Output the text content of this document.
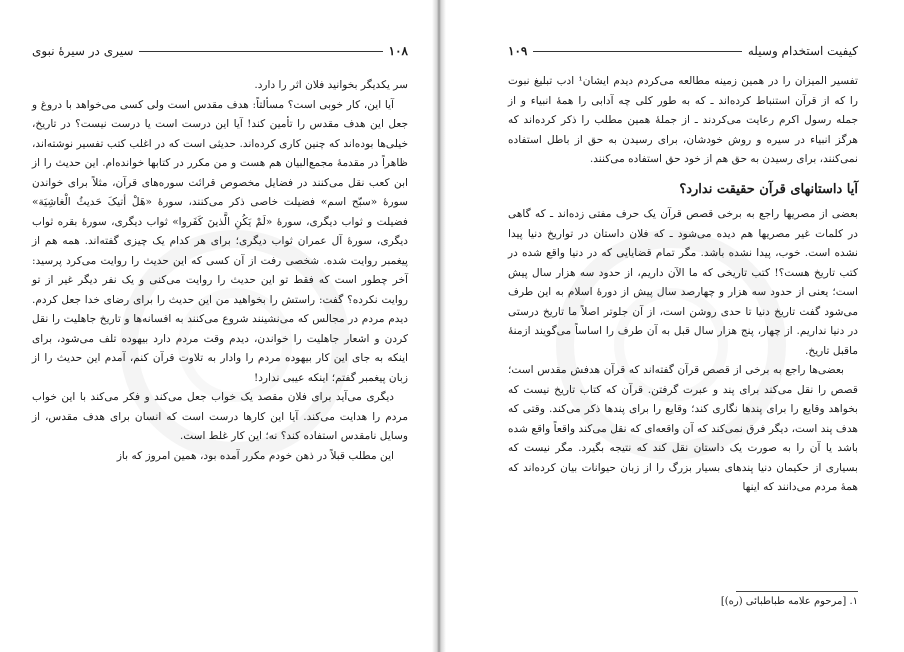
۱۰۸
سیری در سیرهٔ نبوی

سر یکدیگر بخوانید فلان اثر را دارد.

آیا این، کار خوبی است؟ مسألتاً: هدف مقدس است ولی کسی می‌خواهد با دروغ و جعل این هدف مقدس را تأمین کند! آیا این درست است یا درست نیست؟ در تاریخ، خیلی‌ها بوده‌اند که چنین کاری کرده‌اند. حدیثی است که در اغلب کتب تفسیر نوشته‌اند، ظاهراً در مقدمهٔ مجمع‌البیان هم هست و من مکرر در کتابها خوانده‌ام. این حدیث را از ابن کعب نقل می‌کنند در فضایل مخصوص قرائت سوره‌های قرآن، مثلاً برای خواندن سورهٔ «سبّح اسم» فضیلت خاصی ذکر می‌کنند، سورهٔ «هَلْ أتیکَ حَدیثُ الْغاشِیَة» فضیلت و ثواب دیگری، سورهٔ «لَمْ یَکُنِ الَّذینَ کَفَروا» ثواب دیگری، سورهٔ بقره ثواب دیگری، سورهٔ آل عمران ثواب دیگری؛ برای هر کدام یک چیزی گفته‌اند. همه هم از پیغمبر روایت شده. شخصی رفت از آن کسی که این حدیث را روایت می‌کرد پرسید: آخر چطور است که فقط تو این حدیث را روایت می‌کنی و یک نفر دیگر غیر از تو روایت نکرده؟ گفت: راستش را بخواهید من این حدیث را برای رضای خدا جعل کردم. دیدم مردم در مجالس که می‌نشینند شروع می‌کنند به افسانه‌ها و تاریخ جاهلیت را نقل کردن و اشعار جاهلیت را خواندن، دیدم وقت مردم دارد بیهوده تلف می‌شود، برای اینکه به جای این کار بیهوده مردم را وادار به تلاوت قرآن کنم، آمدم این حدیث را از زبان پیغمبر گفتم؛ اینکه عیبی ندارد!

دیگری می‌آید برای فلان مقصد یک خواب جعل می‌کند و فکر می‌کند با این خواب مردم را هدایت می‌کند. آیا این کارها درست است که انسان برای هدف مقدس، از وسایل نامقدس استفاده کند؟ نه؛ این کار غلط است.

این مطلب قبلاً در ذهن خودم مکرر آمده بود، همین امروز که باز

کیفیت استخدام وسیله
۱۰۹

تفسیر المیزان را در همین زمینه مطالعه می‌کردم دیدم ایشان¹ ادب تبلیغ نبوت را که از قرآن استنباط کرده‌اند ـ که به طور کلی چه آدابی را همهٔ انبیاء و از جمله رسول اکرم رعایت می‌کردند ـ از جملهٔ همین مطلب را ذکر کرده‌اند که هرگز انبیاء در سیره و روش خودشان، برای رسیدن به حق از باطل استفاده نمی‌کنند، برای رسیدن به حق هم از خود حق استفاده می‌کنند.

آیا داستانهای قرآن حقیقت ندارد؟

بعضی از مصریها راجع به برخی قصص قرآن یک حرف مفتی زده‌اند ـ که گاهی در کلمات غیر مصریها هم دیده می‌شود ـ که فلان داستان در تواریخ دنیا پیدا نشده است. خوب، پیدا نشده باشد. مگر تمام قضایایی که در دنیا واقع شده در کتب تاریخ هست؟! کتب تاریخی که ما الآن داریم، از حدود سه هزار سال پیش است؛ یعنی از حدود سه هزار و چهارصد سال پیش از دورهٔ اسلام به این طرف می‌شود گفت تاریخ دنیا تا حدی روشن است، از آن جلوتر اصلاً ما تاریخ درستی در دنیا نداریم. از چهار، پنج هزار سال قبل به آن طرف را اساساً می‌گویند ازمنهٔ ماقبل تاریخ.

بعضی‌ها راجع به برخی از قصص قرآن گفته‌اند که قرآن هدفش مقدس است؛ قصص را نقل می‌کند برای پند و عبرت گرفتن. قرآن که کتاب تاریخ نیست که بخواهد وقایع را برای پندها نگاری کند؛ وقایع را برای پندها ذکر می‌کند. وقتی که هدف پند است، دیگر فرق نمی‌کند که آن واقعه‌ای که نقل می‌کند واقعاً واقع شده باشد یا آن را به صورت یک داستان نقل کند که نتیجه بگیرد. مگر نیست که بسیاری از حکیمان دنیا پندهای بسیار بزرگ را از زبان حیوانات بیان کرده‌اند که همهٔ مردم می‌دانند که اینها

۱. [مرحوم علامه طباطبائی (ره)]
